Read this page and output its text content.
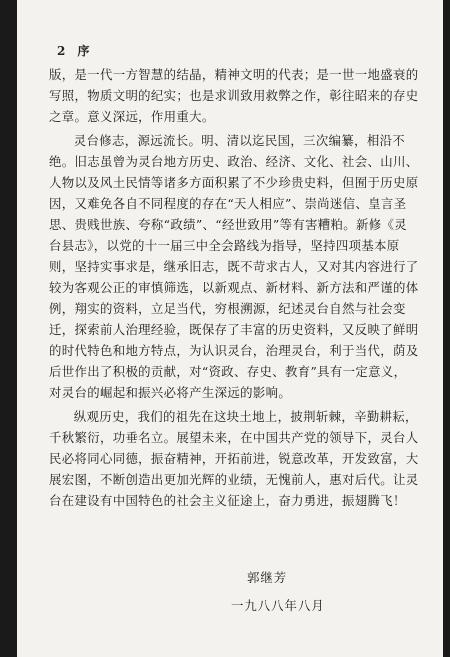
2 序

版，是一代一方智慧的结晶，精神文明的代表；是一世一地盛衰的写照，物质文明的纪实；也是求训致用救弊之作，彰往昭来的存史之章。意义深远，作用重大。

灵台修志，源远流长。明、清以迄民国，三次编纂，相沿不绝。旧志虽曾为灵台地方历史、政治、经济、文化、社会、山川、人物以及风土民情等诸多方面积累了不少珍贵史料，但囿于历史原因，又难免各自不同程度的存在“天人相应”、崇尚迷信、皇言圣思、贵贱世族、夸称“政绩”、“经世致用”等有害糟粕。新修《灵台县志》，以党的十一届三中全会路线为指导，坚持四项基本原则，坚持实事求是，继承旧志，既不苛求古人，又对其内容进行了较为客观公正的审慎筛选，以新观点、新材料、新方法和严谨的体例，翔实的资料，立足当代，穷根溯源，纪述灵台自然与社会变迁，探索前人治理经验，既保存了丰富的历史资料，又反映了鲜明的时代特色和地方特点，为认识灵台，治理灵台，利于当代，荫及后世作出了积极的贡献，对“资政、存史、教育”具有一定意义，对灵台的崛起和振兴必将产生深远的影响。

纵观历史，我们的祖先在这块土地上，披荆斩棘，辛勤耕耘，千秋繁衍，功垂名立。展望未来，在中国共产党的领导下，灵台人民必将同心同德，振奋精神，开拓前进，锐意改革，开发致富，大展宏图，不断创造出更加光辉的业绩，无愧前人，惠对后代。让灵台在建设有中国特色的社会主义征途上，奋力勇进，振翅腾飞！

郭继芳
一九八八年八月
